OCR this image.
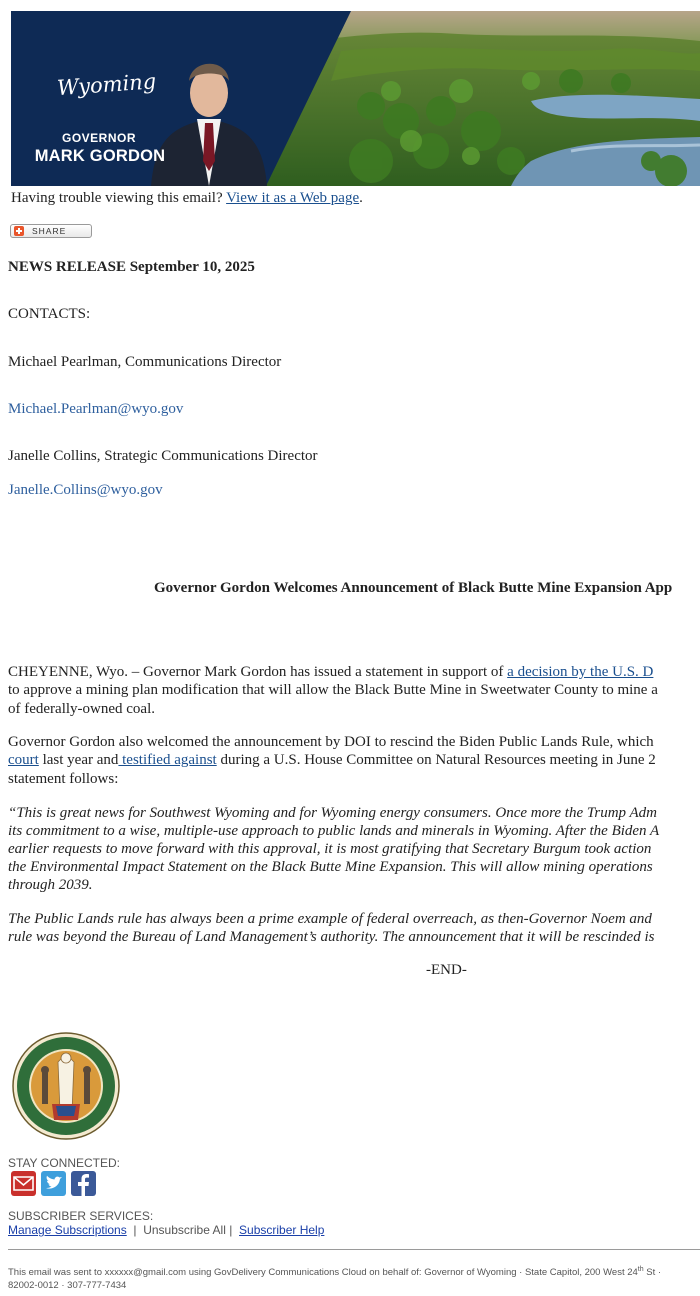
Wyoming
GOVERNOR
MARK GORDON
Having trouble viewing this email? View it as a Web page.
SHARE
NEWS RELEASE September 10, 2025
CONTACTS:
Michael Pearlman, Communications Director
Michael.Pearlman@wyo.gov
Janelle Collins, Strategic Communications Director
Janelle.Collins@wyo.gov
Governor Gordon Welcomes Announcement of Black Butte Mine Expansion App
CHEYENNE, Wyo. – Governor Mark Gordon has issued a statement in support of a decision by the U.S. D
to approve a mining plan modification that will allow the Black Butte Mine in Sweetwater County to mine a
of federally-owned coal.
Governor Gordon also welcomed the announcement by DOI to rescind the Biden Public Lands Rule, which
court last year and testified against during a U.S. House Committee on Natural Resources meeting in June 2
statement follows:
“This is great news for Southwest Wyoming and for Wyoming energy consumers. Once more the Trump Adm
its commitment to a wise, multiple-use approach to public lands and minerals in Wyoming. After the Biden A
earlier requests to move forward with this approval, it is most gratifying that Secretary Burgum took action
the Environmental Impact Statement on the Black Butte Mine Expansion. This will allow mining operations
through 2039.
The Public Lands rule has always been a prime example of federal overreach, as then-Governor Noem and
rule was beyond the Bureau of Land Management’s authority. The announcement that it will be rescinded is
-END-
STAY CONNECTED:
SUBSCRIBER SERVICES:
Manage Subscriptions  |  Unsubscribe All |  Subscriber Help
This email was sent to xxxxxx@gmail.com using GovDelivery Communications Cloud on behalf of: Governor of Wyoming · State Capitol, 200 West 24th St ·
82002-0012 · 307-777-7434
